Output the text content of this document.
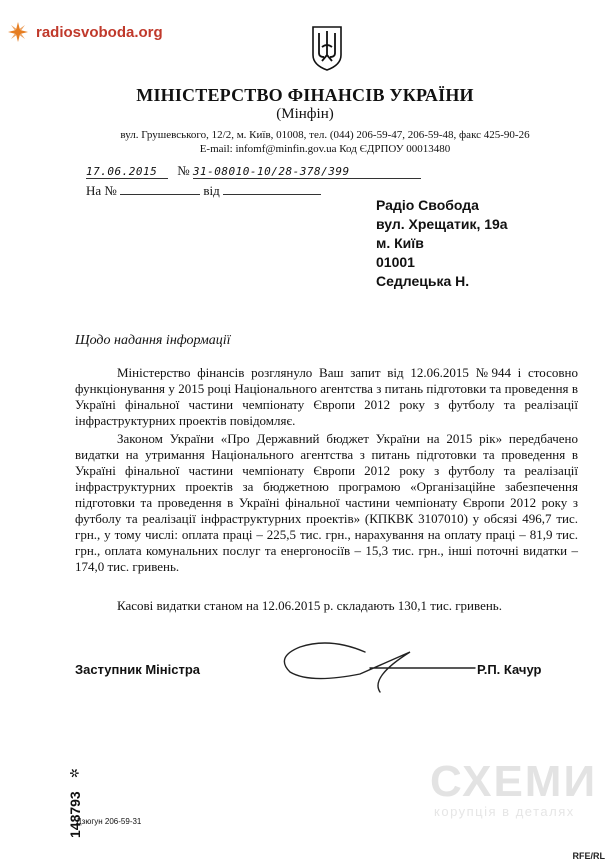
radiosvoboda.org
МІНІСТЕРСТВО ФІНАНСІВ УКРАЇНИ
(Мінфін)
вул. Грушевського, 12/2, м. Київ, 01008, тел. (044) 206-59-47, 206-59-48, факс 425-90-26
E-mail: infomf@minfin.gov.ua Код ЄДРПОУ 00013480
17.06.2015 № 31-08010-10/28-378/399
На №	від
Радіо Свобода
вул. Хрещатик, 19а
м. Київ
01001
Седлецька Н.
Щодо надання інформації
Міністерство фінансів розглянуло Ваш запит від 12.06.2015 №944 і стосовно функціонування у 2015 році Національного агентства з питань підготовки та проведення в Україні фінальної частини чемпіонату Європи 2012 року з футболу та реалізації інфраструктурних проектів повідомляє.
Законом України «Про Державний бюджет України на 2015 рік» передбачено видатки на утримання Національного агентства з питань підготовки та проведення в Україні фінальної частини чемпіонату Європи 2012 року з футболу та реалізації інфраструктурних проектів за бюджетною програмою «Організаційне забезпечення підготовки та проведення в Україні фінальної частини чемпіонату Європи 2012 року з футболу та реалізації інфраструктурних проектів» (КПКВК 3107010) у обсязі 496,7 тис. грн., у тому числі: оплата праці – 225,5 тис. грн., нарахування на оплату праці – 81,9 тис. грн., оплата комунальних послуг та енергоносіїв – 15,3 тис. грн., інші поточні видатки – 174,0 тис. гривень.
Касові видатки станом на 12.06.2015 р. складають 130,1 тис. гривень.
Заступник Міністра	Р.П. Качур
148793
✲
Дзюгун 206-59-31
СХЕМИ
корупція в деталях
RFE/RL
